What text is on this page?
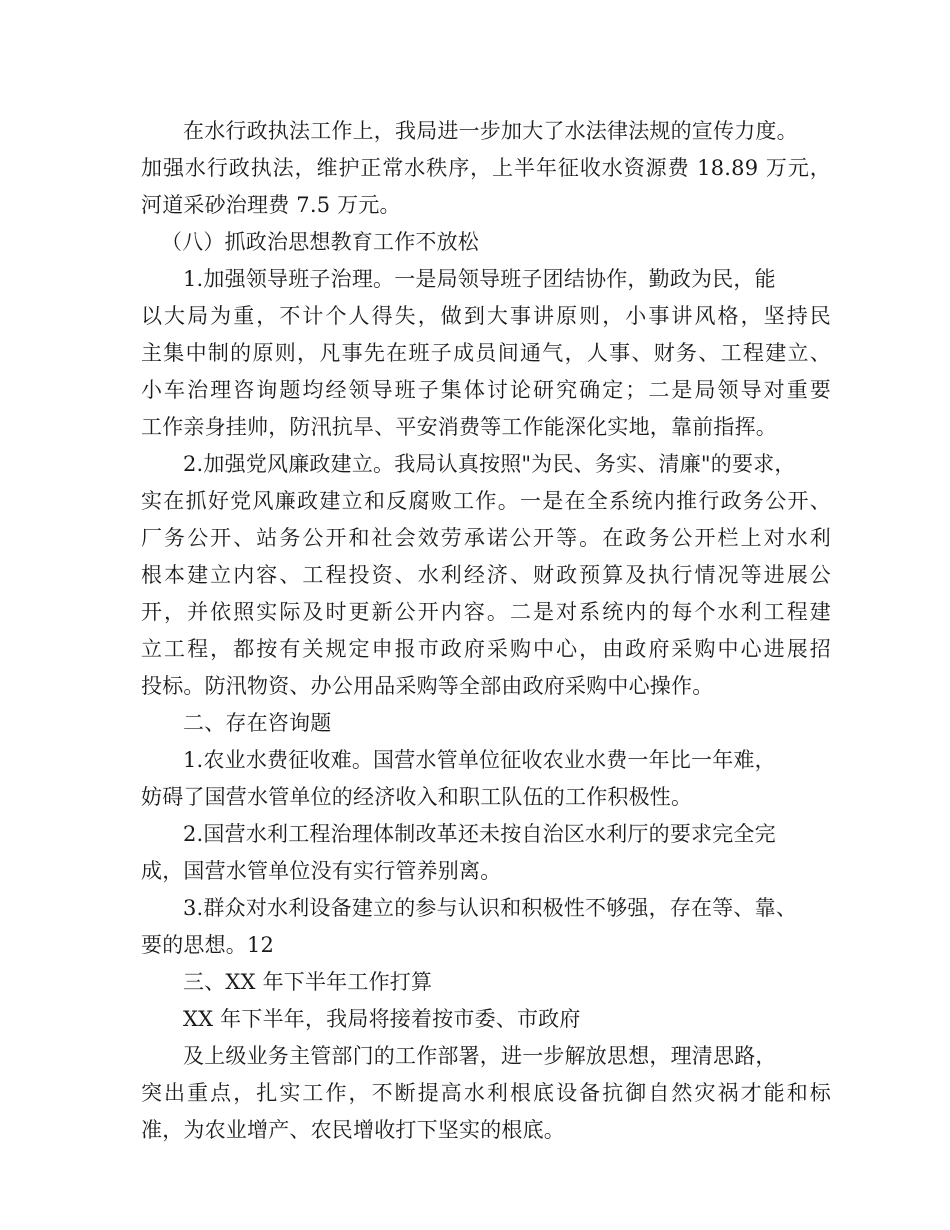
在水行政执法工作上，我局进一步加大了水法律法规的宣传力度。
加强水行政执法，维护正常水秩序，上半年征收水资源费 18.89 万元，
河道采砂治理费 7.5 万元。
（八）抓政治思想教育工作不放松
1.加强领导班子治理。一是局领导班子团结协作，勤政为民，能
以大局为重，不计个人得失，做到大事讲原则，小事讲风格，坚持民
主集中制的原则，凡事先在班子成员间通气，人事、财务、工程建立、
小车治理咨询题均经领导班子集体讨论研究确定；二是局领导对重要
工作亲身挂帅，防汛抗旱、平安消费等工作能深化实地，靠前指挥。
2.加强党风廉政建立。我局认真按照"为民、务实、清廉"的要求，
实在抓好党风廉政建立和反腐败工作。一是在全系统内推行政务公开、
厂务公开、站务公开和社会效劳承诺公开等。在政务公开栏上对水利
根本建立内容、工程投资、水利经济、财政预算及执行情况等进展公
开，并依照实际及时更新公开内容。二是对系统内的每个水利工程建
立工程，都按有关规定申报市政府采购中心，由政府采购中心进展招
投标。防汛物资、办公用品采购等全部由政府采购中心操作。
二、存在咨询题
1.农业水费征收难。国营水管单位征收农业水费一年比一年难，
妨碍了国营水管单位的经济收入和职工队伍的工作积极性。
2.国营水利工程治理体制改革还未按自治区水利厅的要求完全完
成，国营水管单位没有实行管养别离。
3.群众对水利设备建立的参与认识和积极性不够强，存在等、靠、
要的思想。12
三、XX 年下半年工作打算
XX 年下半年，我局将接着按市委、市政府
及上级业务主管部门的工作部署，进一步解放思想，理清思路，
突出重点，扎实工作，不断提高水利根底设备抗御自然灾祸才能和标
准，为农业增产、农民增收打下坚实的根底。
